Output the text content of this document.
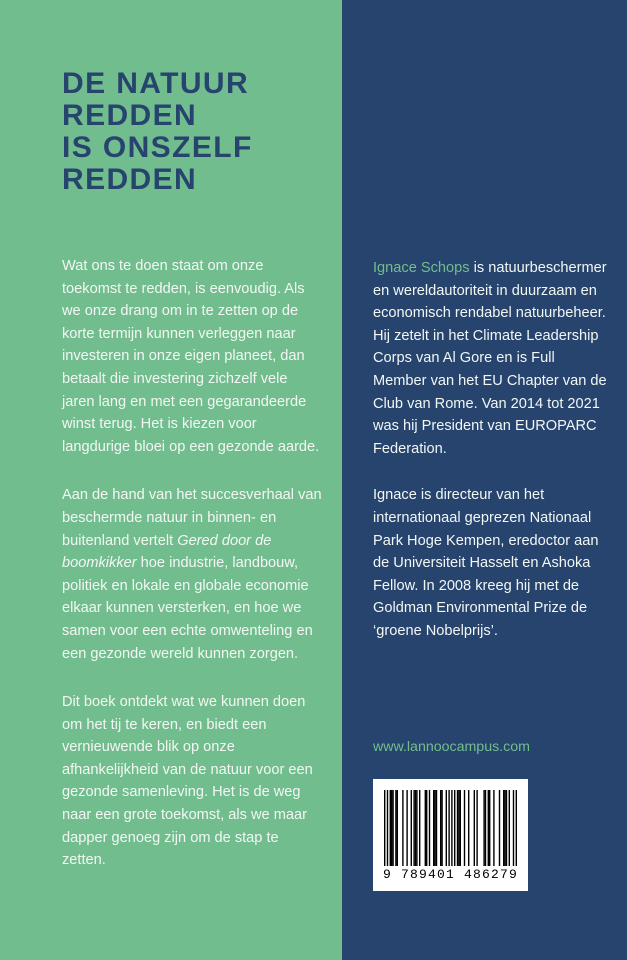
DE NATUUR
REDDEN
IS ONSZELF
REDDEN

Wat ons te doen staat om onze toekomst te redden, is eenvoudig. Als we onze drang om in te zetten op de korte termijn kunnen verleggen naar investeren in onze eigen planeet, dan betaalt die investering zichzelf vele jaren lang en met een gegarandeerde winst terug. Het is kiezen voor langdurige bloei op een gezonde aarde.

Aan de hand van het succesverhaal van beschermde natuur in binnen- en buitenland vertelt Gered door de boomkikker hoe industrie, landbouw, politiek en lokale en globale economie elkaar kunnen versterken, en hoe we samen voor een echte omwenteling en een gezonde wereld kunnen zorgen.

Dit boek ontdekt wat we kunnen doen om het tij te keren, en biedt een vernieuwende blik op onze afhankelijkheid van de natuur voor een gezonde samenleving. Het is de weg naar een grote toekomst, als we maar dapper genoeg zijn om de stap te zetten.

Ignace Schops is natuurbeschermer en wereldautoriteit in duurzaam en economisch rendabel natuurbeheer. Hij zetelt in het Climate Leadership Corps van Al Gore en is Full Member van het EU Chapter van de Club van Rome. Van 2014 tot 2021 was hij President van EUROPARC Federation.

Ignace is directeur van het internationaal geprezen Nationaal Park Hoge Kempen, eredoctor aan de Universiteit Hasselt en Ashoka Fellow. In 2008 kreeg hij met de Goldman Environmental Prize de ‘groene Nobelprijs’.

www.lannoocampus.com
9 789401 486279
